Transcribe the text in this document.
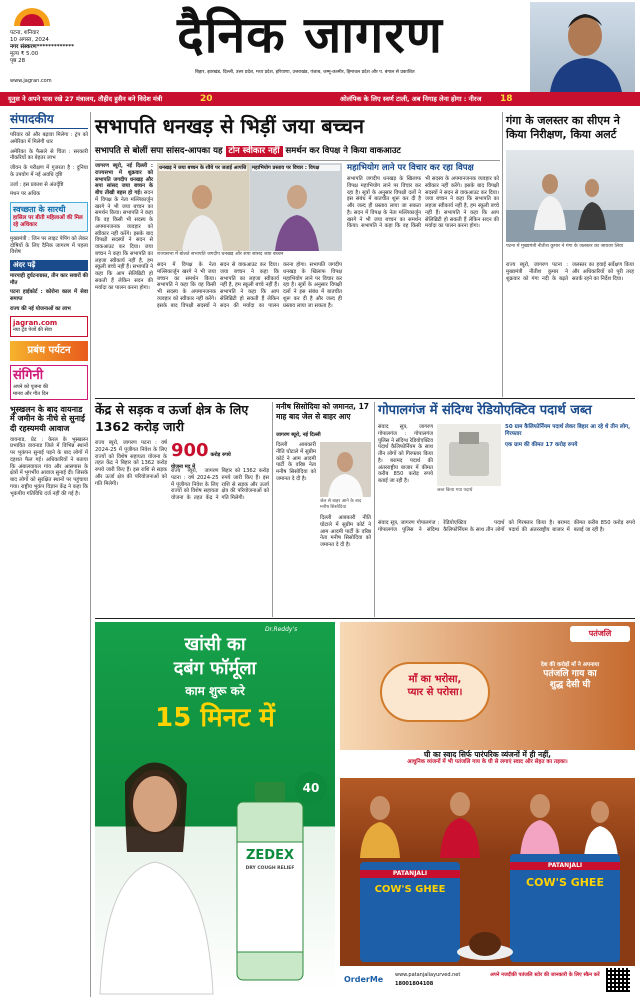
पटना, शनिवार
10 अगस्त, 2024
नगर संस्करण*************
मूल्य ₹ 5.00
पृष्ठ 28	दैनिक जागरण
बिहार, झारखंड, दिल्ली, उत्तर प्रदेश, मध्य प्रदेश, हरियाणा, उत्तराखंड, पंजाब, जम्मू-कश्मीर, हिमाचल प्रदेश और प. बंगाल से प्रकाशित
www.jagran.com
यूनुस ने अपने पास रखे 27 मंत्रालय, तौहीद हुसैन बने विदेश मंत्री	20	ओलंपिक के लिए स्वर्ण टाली, अब निगाह लेना होगा : नीरज 18
संपादकीय
परिवार को और बढ़ावा मिलेगा : ट्रंप को अमेरिका में मिलेगी धार
अमेरिका के फैसले से चिंता : सरकारी नौकरियों का बेहतर लाभ
जीवन के परीक्षण में गुजरता है : दुनिया के उपयोग में नई अवधि दृष्टि
उर्जा : इस प्रकाश से अंतर्दृष्टि
मंथन पर अधिक
स्वच्छता के सारथी
हासिल पर बीती महिलाओं की मिल रहे अधिकार
मुख्यमंत्री : जिन पर लाइट पेपिंग को लेकर दोषियों के लिए दैनिक जागरण में पहला विशेष
अंदर पढ़ें
मारपाही दुर्घटनाग्रस्त, तीन कार सवारों की मौत
पटना हाईकोर्ट : कोरोना काल में सेवा समाप्त
राज्य की नई योजनाओं का लाभ
jagran.com
नया ट्रेंड पेजों की सेवा
प्रबंध पर्यटन
संगिनी
अपने को पूजना की
मानव और गीत दिन
भूस्खलन के बाद वायनाड में जमीन के नीचे से सुनाई दी रहस्यमयी आवाज
वायनाड, प्रेट : केरल के भूस्खलन प्रभावित वायनाड जिले में विभिन्न स्थानों पर भूकंपन सुनाई पड़ने के बाद लोगों में दहशत फैल गई। अधिकारियों ने बताया कि अंबालवायल गांव और आसपास के क्षेत्रों में भूगर्भीय आवाज सुनाई दी। जिसके बाद लोगों को सुरक्षित स्थानों पर पहुंचाया गया। राष्ट्रीय भूकंप विज्ञान केंद्र ने कहा कि भूकंपीय गतिविधि दर्ज नहीं की गई है।
सभापति धनखड़ से भिड़ीं जया बच्चन
सभापति से बोलीं सपा सांसद-आपका यह टोन स्वीकार नहीं समर्थन कर विपक्ष ने किया वाकआउट
जागरण ब्यूरो, नई दिल्ली : राज्यसभा में शुक्रवार को सभापति जगदीप धनखड़ और सपा सांसद जया बच्चन के बीच तीखी बहस हो गई। सदन में विपक्ष के नेता मल्लिकार्जुन खरगे ने भी जया बच्चन का समर्थन किया। सभापति ने कहा कि वह किसी भी सदस्य के अपमानजनक व्यवहार को स्वीकार नहीं करेंगे। इसके बाद विपक्षी सदस्यों ने सदन से वाकआउट कर दिया। जया बच्चन ने कहा कि सभापति का लहजा स्वीकार्य नहीं है, हम स्कूली बच्चे नहीं हैं। सभापति ने कहा कि आप सेलिब्रिटी हो सकती हैं लेकिन सदन की मर्यादा का पालन करना होगा।
धनखड़ ने जया बच्चन के रवैये पर जताई आपत्ति महाभियोग प्रस्ताव पर विचार : विपक्ष
राज्यसभा में बोलते सभापति जगदीप धनखड़ और सपा सांसद जया बच्चन
सदन में विपक्ष के नेता मल्लिकार्जुन खरगे ने भी जया बच्चन का समर्थन किया। सभापति ने कहा कि वह किसी भी सदस्य के अपमानजनक व्यवहार को स्वीकार नहीं करेंगे। इसके बाद विपक्षी सदस्यों ने सदन से वाकआउट कर दिया। जया बच्चन ने कहा कि सभापति का लहजा स्वीकार्य नहीं है, हम स्कूली बच्चे नहीं हैं। सभापति ने कहा कि आप सेलिब्रिटी हो सकती हैं लेकिन सदन की मर्यादा का पालन करना होगा। सभापति जगदीप धनखड़ के खिलाफ विपक्ष महाभियोग लाने पर विचार कर रहा है। सूत्रों के अनुसार विपक्षी दलों ने इस संबंध में बातचीत शुरू कर दी है और जल्द ही प्रस्ताव लाया जा सकता है।
महाभियोग लाने पर विचार कर रहा विपक्ष
सभापति जगदीप धनखड़ के खिलाफ विपक्ष महाभियोग लाने पर विचार कर रहा है। सूत्रों के अनुसार विपक्षी दलों ने इस संबंध में बातचीत शुरू कर दी है और जल्द ही प्रस्ताव लाया जा सकता है। सदन में विपक्ष के नेता मल्लिकार्जुन खरगे ने भी जया बच्चन का समर्थन किया। सभापति ने कहा कि वह किसी भी सदस्य के अपमानजनक व्यवहार को स्वीकार नहीं करेंगे। इसके बाद विपक्षी सदस्यों ने सदन से वाकआउट कर दिया। जया बच्चन ने कहा कि सभापति का लहजा स्वीकार्य नहीं है, हम स्कूली बच्चे नहीं हैं। सभापति ने कहा कि आप सेलिब्रिटी हो सकती हैं लेकिन सदन की मर्यादा का पालन करना होगा।
गंगा के जलस्तर का सीएम ने किया निरीक्षण, किया अलर्ट
पटना में मुख्यमंत्री नीतीश कुमार ने गंगा के जलस्तर का जायजा लिया
राज्य ब्यूरो, जागरण पटना : मुख्यमंत्री नीतीश कुमार ने शुक्रवार को गंगा नदी के बढ़ते जलस्तर का हवाई सर्वेक्षण किया और अधिकारियों को पूरी तरह सतर्क रहने का निर्देश दिया।
केंद्र से सड़क व ऊर्जा क्षेत्र के लिए 1362 करोड़ जारी
राज्य ब्यूरो, जागरण पटना : वर्ष 2024-25 में पूंजीगत निवेश के लिए राज्यों को विशेष सहायता योजना के तहत केंद्र ने बिहार को 1362 करोड़ रुपये जारी किए हैं। इस राशि से सड़क और ऊर्जा क्षेत्र की परियोजनाओं को गति मिलेगी।
900 करोड़ रुपये योजना मद में
राज्य ब्यूरो, जागरण पटना : वर्ष 2024-25 में पूंजीगत निवेश के लिए राज्यों को विशेष सहायता योजना के तहत केंद्र ने बिहार को 1362 करोड़ रुपये जारी किए हैं। इस राशि से सड़क और ऊर्जा क्षेत्र की परियोजनाओं को गति मिलेगी।
मनीष सिसोदिया को जमानत, 17 माह बाद जेल से बाहर आए
जागरण ब्यूरो, नई दिल्ली
दिल्ली आबकारी नीति घोटाले में सुप्रीम कोर्ट ने आम आदमी पार्टी के वरिष्ठ नेता मनीष सिसोदिया को जमानत दे दी है।
जेल से बाहर आने के बाद मनीष सिसोदिया
दिल्ली आबकारी नीति घोटाले में सुप्रीम कोर्ट ने आम आदमी पार्टी के वरिष्ठ नेता मनीष सिसोदिया को जमानत दे दी है।
गोपालगंज में संदिग्ध रेडियोएक्टिव पदार्थ जब्त
संवाद सूत्र, जागरण गोपालगंज : गोपालगंज पुलिस ने संदिग्ध रेडियोएक्टिव पदार्थ कैलिफोर्नियम के साथ तीन लोगों को गिरफ्तार किया है। बरामद पदार्थ की अंतरराष्ट्रीय बाजार में कीमत करीब 850 करोड़ रुपये बताई जा रही है।
जब्त किया गया पदार्थ
50 ग्राम कैलिफोर्नियम पदार्थ लेकर बिहार आ रहे थे तीन लोग, गिरफ्तार
एक ग्राम की कीमत 17 करोड़ रुपये
संवाद सूत्र, जागरण गोपालगंज : गोपालगंज पुलिस ने संदिग्ध रेडियोएक्टिव पदार्थ कैलिफोर्नियम के साथ तीन लोगों को गिरफ्तार किया है। बरामद पदार्थ की अंतरराष्ट्रीय बाजार में कीमत करीब 850 करोड़ रुपये बताई जा रही है।
Dr.Reddy's
खांसी का
दबंग फॉर्मूला
काम शुरू करे
15 मिनट में
ZEDEX
DRY COUGH RELIEF
40
पतंजलि
माँ का भरोसा,
प्यार से परोसा।
देश की करोड़ों माँ ने अपनाया
पतंजलि गाय का
शुद्ध देसी घी
घी का स्वाद सिर्फ पारंपरिक व्यंजनों में ही नहीं,
आधुनिक व्यंजनों में भी पतंजलि गाय के घी से लगाएं स्वाद और सेहत का तड़का।
PATANJALI
COW'S GHEE
PATANJALI
COW'S GHEE
OrderMe www.patanjaliayurved.net
18001804108
अपने नजदीकी पतंजलि स्टोर की जानकारी के लिए स्कैन करें
